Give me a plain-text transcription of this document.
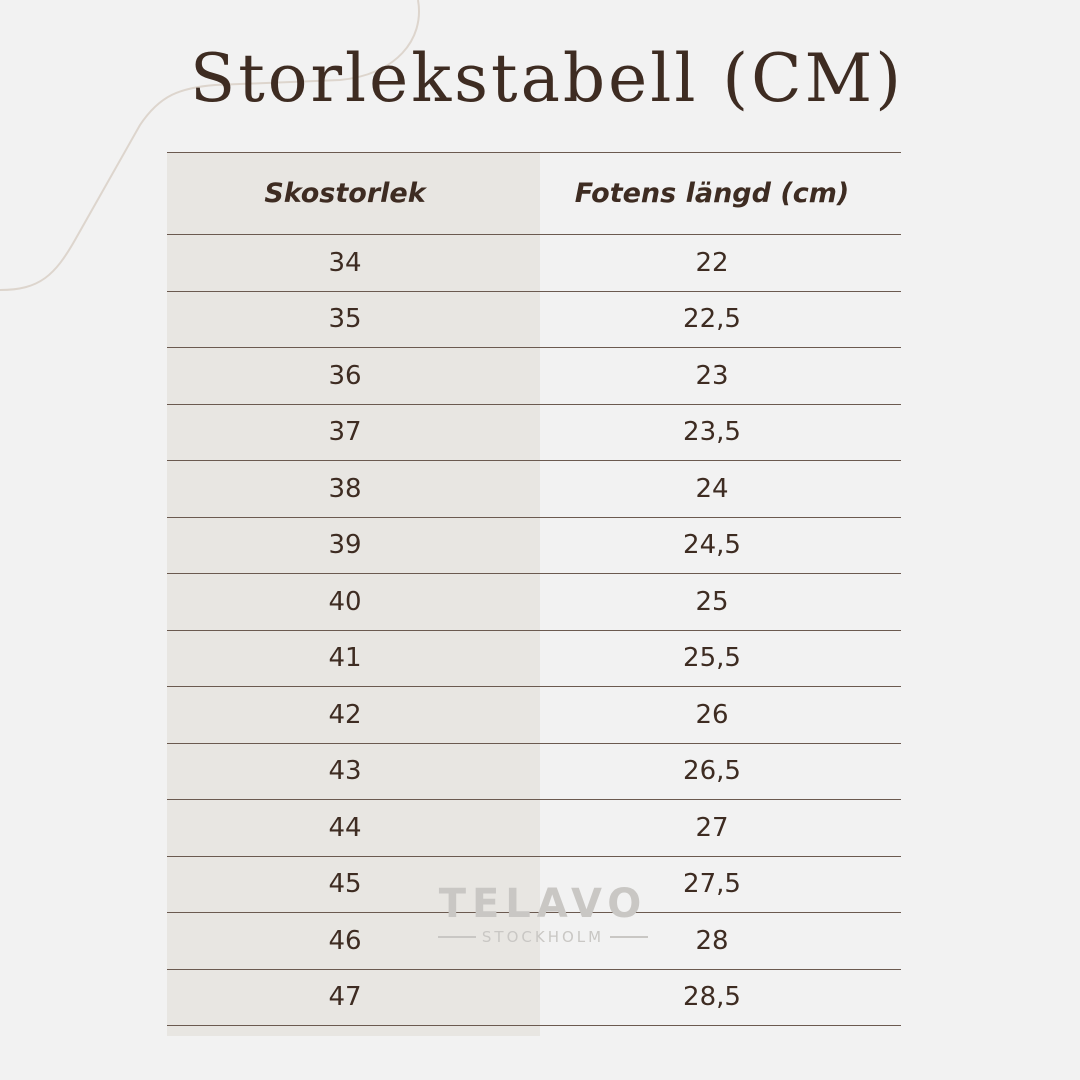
Storlekstabell (CM)
Skostorlek	Fotens längd (cm)
34	22
35	22,5
36	23
37	23,5
38	24
39	24,5
40	25
41	25,5
42	26
43	26,5
44	27
45	27,5
46	28
47	28,5
TELAVO
STOCKHOLM
